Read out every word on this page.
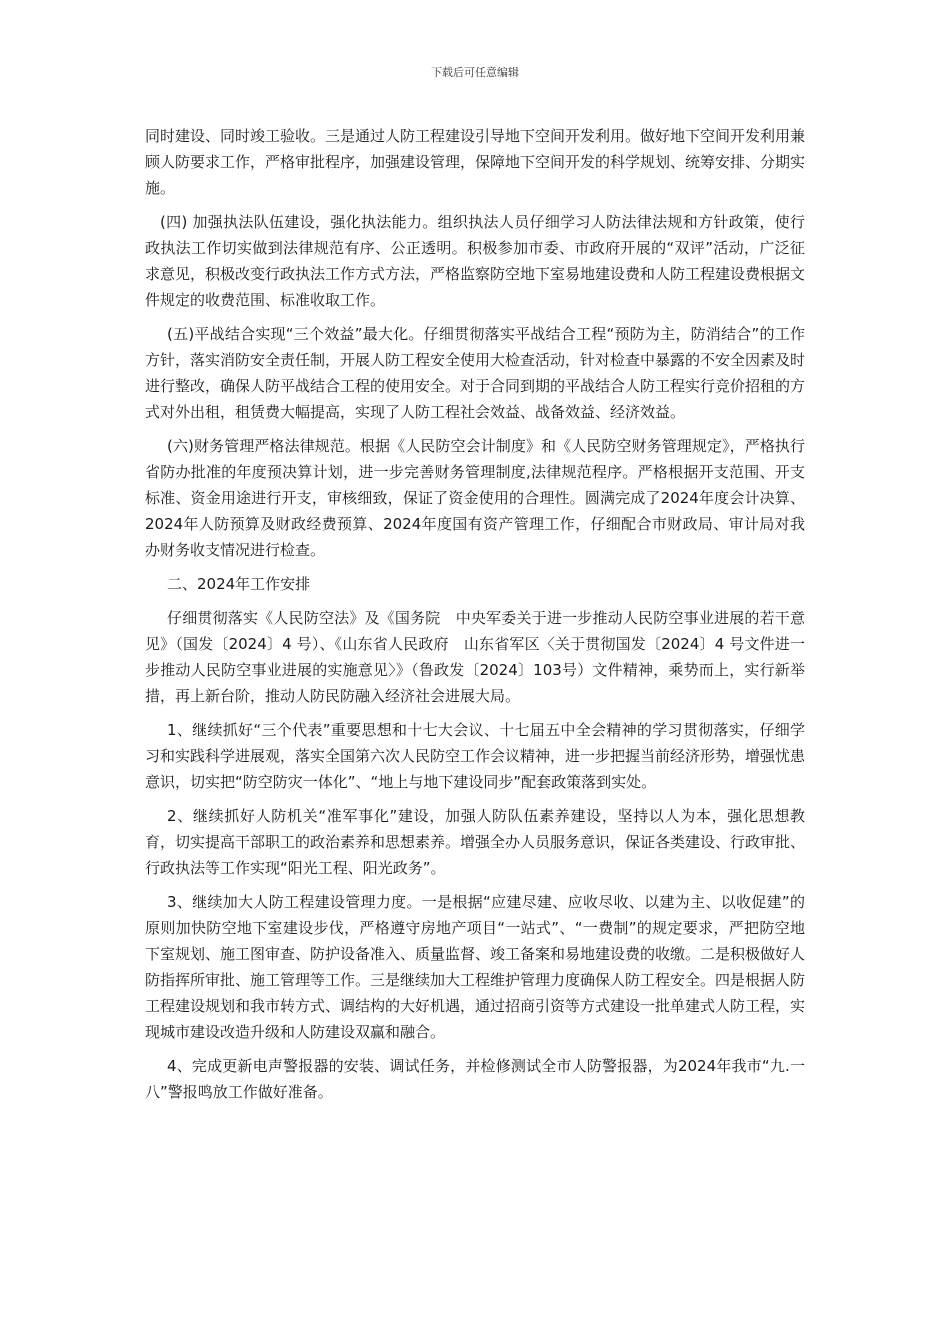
下载后可任意编辑

同时建设、同时竣工验收。三是通过人防工程建设引导地下空间开发利用。做好地下空间开发利用兼顾人防要求工作，严格审批程序，加强建设管理，保障地下空间开发的科学规划、统筹安排、分期实施。

(四) 加强执法队伍建设，强化执法能力。组织执法人员仔细学习人防法律法规和方针政策，使行政执法工作切实做到法律规范有序、公正透明。积极参加市委、市政府开展的“双评”活动，广泛征求意见，积极改变行政执法工作方式方法，严格监察防空地下室易地建设费和人防工程建设费根据文件规定的收费范围、标准收取工作。

(五)平战结合实现“三个效益”最大化。仔细贯彻落实平战结合工程“预防为主，防消结合”的工作方针，落实消防安全责任制，开展人防工程安全使用大检查活动，针对检查中暴露的不安全因素及时进行整改，确保人防平战结合工程的使用安全。对于合同到期的平战结合人防工程实行竞价招租的方式对外出租，租赁费大幅提高，实现了人防工程社会效益、战备效益、经济效益。

(六)财务管理严格法律规范。根据《人民防空会计制度》和《人民防空财务管理规定》，严格执行省防办批准的年度预决算计划，进一步完善财务管理制度,法律规范程序。严格根据开支范围、开支标准、资金用途进行开支，审核细致，保证了资金使用的合理性。圆满完成了2024年度会计决算、2024年人防预算及财政经费预算、2024年度国有资产管理工作，仔细配合市财政局、审计局对我办财务收支情况进行检查。

二、2024年工作安排

仔细贯彻落实《人民防空法》及《国务院　中央军委关于进一步推动人民防空事业进展的若干意见》（国发〔2024〕4 号）、《山东省人民政府　山东省军区〈关于贯彻国发〔2024〕4 号文件进一步推动人民防空事业进展的实施意见〉》（鲁政发〔2024〕103号）文件精神，乘势而上，实行新举措，再上新台阶，推动人防民防融入经济社会进展大局。

1、继续抓好“三个代表”重要思想和十七大会议、十七届五中全会精神的学习贯彻落实，仔细学习和实践科学进展观，落实全国第六次人民防空工作会议精神，进一步把握当前经济形势，增强忧患意识，切实把“防空防灾一体化”、“地上与地下建设同步”配套政策落到实处。

2、继续抓好人防机关“准军事化”建设，加强人防队伍素养建设，坚持以人为本，强化思想教育，切实提高干部职工的政治素养和思想素养。增强全办人员服务意识，保证各类建设、行政审批、行政执法等工作实现“阳光工程、阳光政务”。

3、继续加大人防工程建设管理力度。一是根据“应建尽建、应收尽收、以建为主、以收促建”的原则加快防空地下室建设步伐，严格遵守房地产项目“一站式”、“一费制”的规定要求，严把防空地下室规划、施工图审查、防护设备准入、质量监督、竣工备案和易地建设费的收缴。二是积极做好人防指挥所审批、施工管理等工作。三是继续加大工程维护管理力度确保人防工程安全。四是根据人防工程建设规划和我市转方式、调结构的大好机遇，通过招商引资等方式建设一批单建式人防工程，实现城市建设改造升级和人防建设双赢和融合。

4、完成更新电声警报器的安装、调试任务，并检修测试全市人防警报器，为2024年我市“九.一八”警报鸣放工作做好准备。
